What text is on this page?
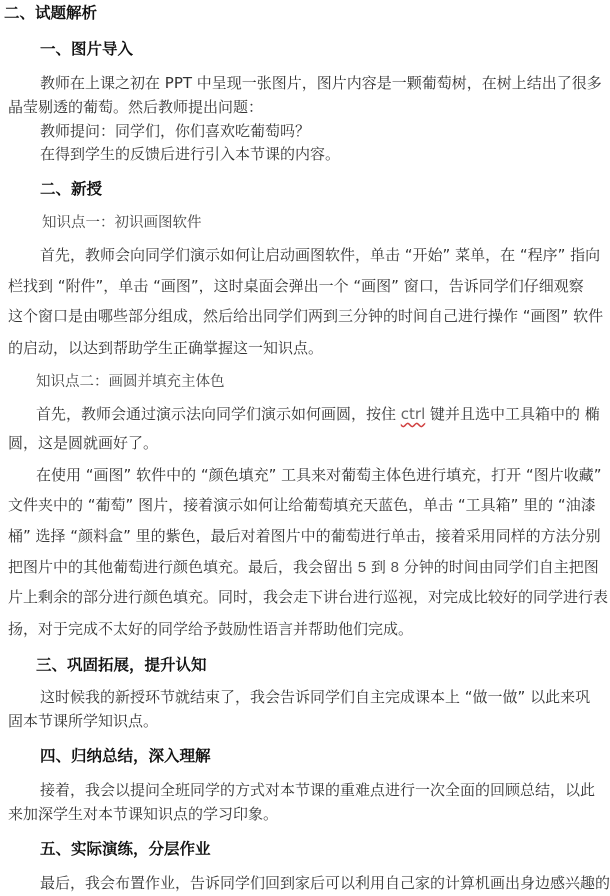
二、试题解析
一、图片导入
教师在上课之初在 PPT 中呈现一张图片，图片内容是一颗葡萄树，在树上结出了很多
晶莹剔透的葡萄。然后教师提出问题：
教师提问：同学们，你们喜欢吃葡萄吗？
在得到学生的反馈后进行引入本节课的内容。
二、新授
知识点一：初识画图软件
首先，教师会向同学们演示如何让启动画图软件，单击 “开始” 菜单，在 “程序” 指向
栏找到 “附件”，单击 “画图”，这时桌面会弹出一个 “画图” 窗口，告诉同学们仔细观察
这个窗口是由哪些部分组成，然后给出同学们两到三分钟的时间自己进行操作 “画图” 软件
的启动，以达到帮助学生正确掌握这一知识点。
知识点二：画圆并填充主体色
首先，教师会通过演示法向同学们演示如何画圆，按住 ctrl 键并且选中工具箱中的 椭
圆，这是圆就画好了。
在使用 “画图” 软件中的 “颜色填充” 工具来对葡萄主体色进行填充，打开 “图片收藏”
文件夹中的 “葡萄” 图片，接着演示如何让给葡萄填充天蓝色，单击 “工具箱” 里的 “油漆
桶” 选择 “颜料盒” 里的紫色，最后对着图片中的葡萄进行单击，接着采用同样的方法分别
把图片中的其他葡萄进行颜色填充。最后，我会留出 5 到 8 分钟的时间由同学们自主把图
片上剩余的部分进行颜色填充。同时，我会走下讲台进行巡视，对完成比较好的同学进行表
扬，对于完成不太好的同学给予鼓励性语言并帮助他们完成。
三、巩固拓展，提升认知
这时候我的新授环节就结束了，我会告诉同学们自主完成课本上 “做一做” 以此来巩
固本节课所学知识点。
四、归纳总结，深入理解
接着，我会以提问全班同学的方式对本节课的重难点进行一次全面的回顾总结，以此
来加深学生对本节课知识点的学习印象。
五、实际演练，分层作业
最后，我会布置作业，告诉同学们回到家后可以利用自己家的计算机画出身边感兴趣的
